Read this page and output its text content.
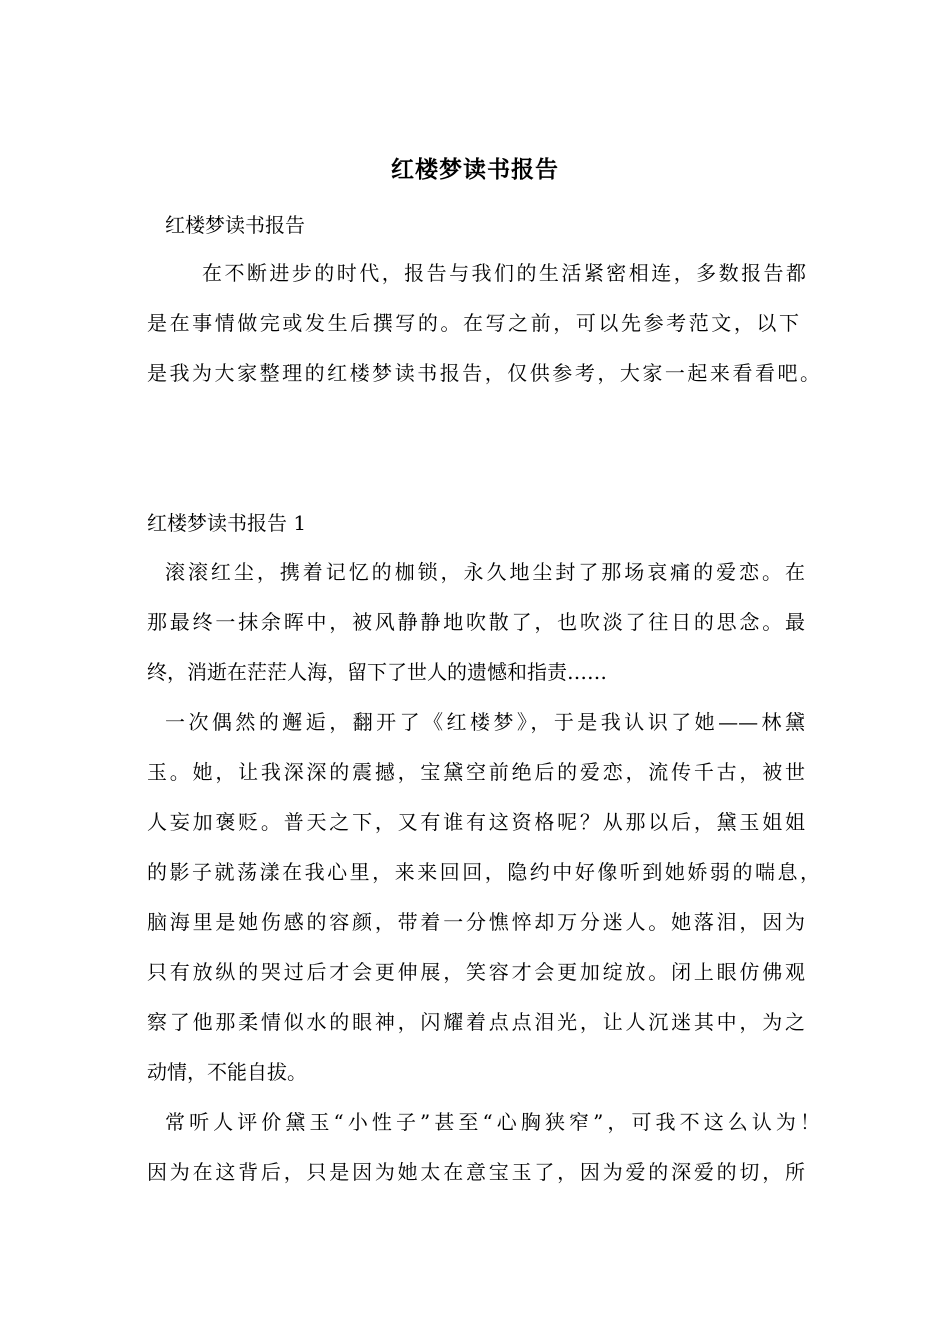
红楼梦读书报告
红楼梦读书报告
在不断进步的时代，报告与我们的生活紧密相连，多数报告都
是在事情做完或发生后撰写的。在写之前，可以先参考范文，以下
是我为大家整理的红楼梦读书报告，仅供参考，大家一起来看看吧。
红楼梦读书报告 1
滚滚红尘，携着记忆的枷锁，永久地尘封了那场哀痛的爱恋。在
那最终一抹余晖中，被风静静地吹散了，也吹淡了往日的思念。最
终，消逝在茫茫人海，留下了世人的遗憾和指责……
一次偶然的邂逅，翻开了《红楼梦》，于是我认识了她——林黛
玉。她，让我深深的震撼，宝黛空前绝后的爱恋，流传千古，被世
人妄加褒贬。普天之下，又有谁有这资格呢？从那以后，黛玉姐姐
的影子就荡漾在我心里，来来回回，隐约中好像听到她娇弱的喘息，
脑海里是她伤感的容颜，带着一分憔悴却万分迷人。她落泪，因为
只有放纵的哭过后才会更伸展，笑容才会更加绽放。闭上眼仿佛观
察了他那柔情似水的眼神，闪耀着点点泪光，让人沉迷其中，为之
动情，不能自拔。
常听人评价黛玉“小性子”甚至“心胸狭窄”，可我不这么认为！
因为在这背后，只是因为她太在意宝玉了，因为爱的深爱的切，所
